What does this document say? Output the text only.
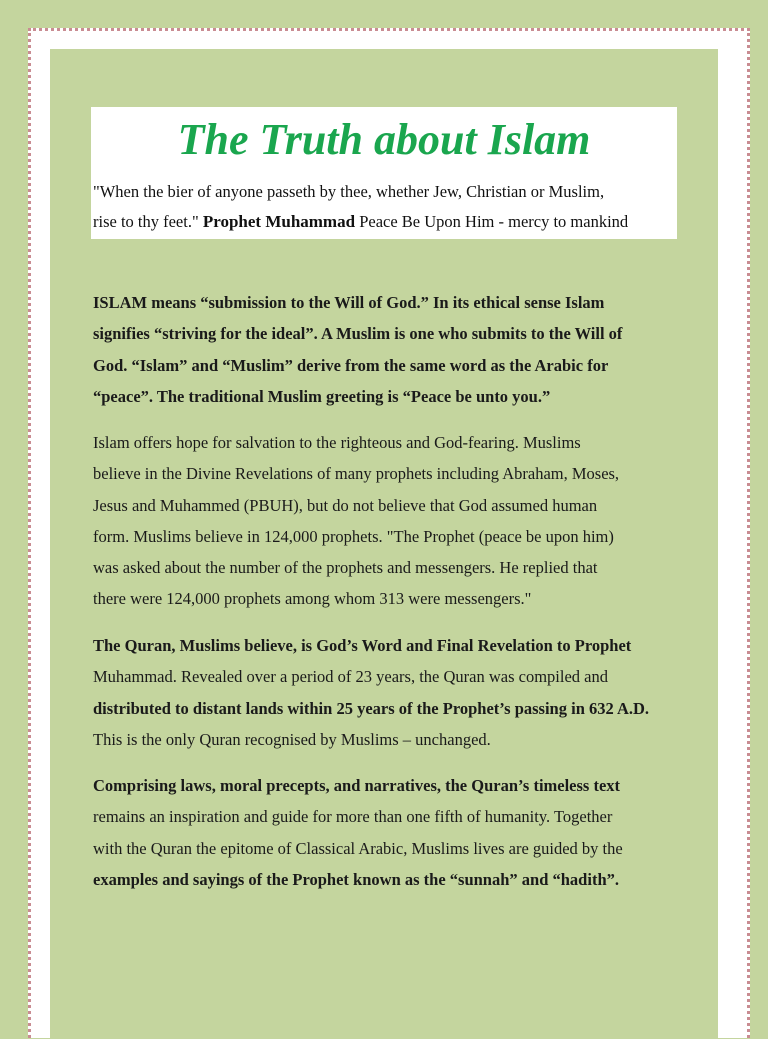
The Truth about Islam

"When the bier of anyone passeth by thee, whether Jew, Christian or Muslim,
rise to thy feet." Prophet Muhammad Peace Be Upon Him - mercy to mankind

ISLAM means “submission to the Will of God.” In its ethical sense Islam
signifies “striving for the ideal”. A Muslim is one who submits to the Will of
God. “Islam” and “Muslim” derive from the same word as the Arabic for
“peace”. The traditional Muslim greeting is “Peace be unto you.”

Islam offers hope for salvation to the righteous and God-fearing. Muslims
believe in the Divine Revelations of many prophets including Abraham, Moses,
Jesus and Muhammed (PBUH), but do not believe that God assumed human
form. Muslims believe in 124,000 prophets. "The Prophet (peace be upon him)
was asked about the number of the prophets and messengers. He replied that
there were 124,000 prophets among whom 313 were messengers."

The Quran, Muslims believe, is God’s Word and Final Revelation to Prophet
Muhammad. Revealed over a period of 23 years, the Quran was compiled and
distributed to distant lands within 25 years of the Prophet’s passing in 632 A.D.
This is the only Quran recognised by Muslims – unchanged.

Comprising laws, moral precepts, and narratives, the Quran’s timeless text
remains an inspiration and guide for more than one fifth of humanity. Together
with the Quran the epitome of Classical Arabic, Muslims lives are guided by the
examples and sayings of the Prophet known as the “sunnah” and “hadith”.
